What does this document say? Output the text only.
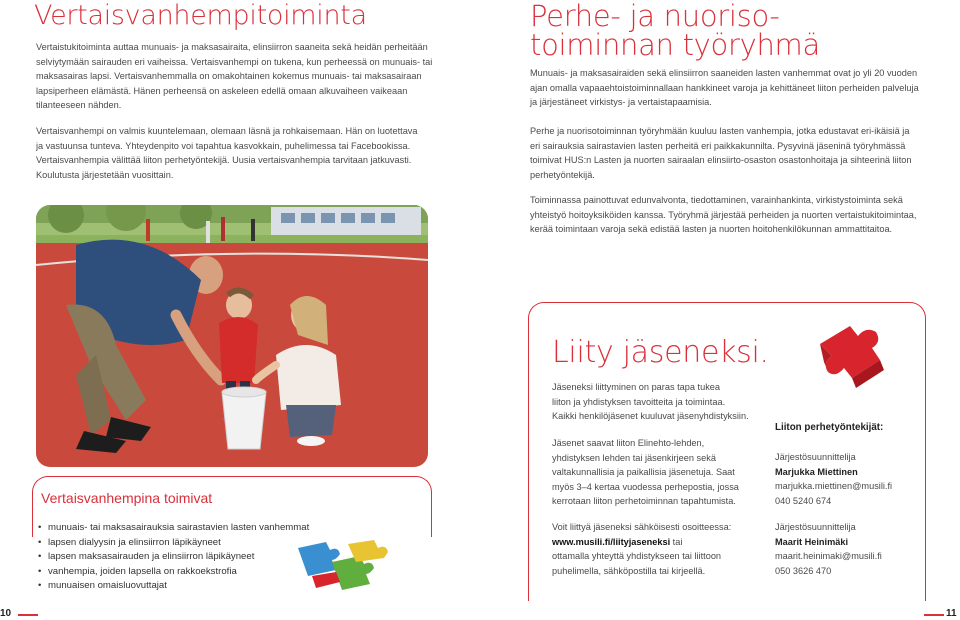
Vertaisvanhempitoiminta

Vertaistukitoiminta auttaa munuais- ja maksasairaita, elinsiirron saaneita sekä heidän perheitään

selviytymään sairauden eri vaiheissa. Vertaisvanhempi on tukena, kun perheessä on munuais- tai

maksasairas lapsi. Vertaisvanhemmalla on omakohtainen kokemus munuais- tai maksasairaan

lapsiperheen elämästä. Hänen perheensä on askeleen edellä omaan alkuvaiheen vaikeaan

tilanteeseen nähden.

Vertaisvanhempi on valmis kuuntelemaan, olemaan läsnä ja rohkaisemaan. Hän on luotettava

ja vastuunsa tunteva. Yhteydenpito voi tapahtua kasvokkain, puhelimessa tai Facebookissa.

Vertaisvanhempia välittää liiton perhetyöntekijä. Uusia vertaisvanhempia tarvitaan jatkuvasti.

Koulutusta järjestetään vuosittain.

Vertaisvanhempina toimivat
• munuais- tai maksasairauksia sairastavien lasten vanhemmat
• lapsen dialyysin ja elinsiirron läpikäyneet
• lapsen maksasairauden ja elinsiirron läpikäyneet
• vanhempia, joiden lapsella on rakkoekstrofia
• munuaisen omaisluovuttajat
10
Perhe- ja nuoriso-
toiminnan työryhmä

Munuais- ja maksasairaiden sekä elinsiirron saaneiden lasten vanhemmat ovat jo yli 20 vuoden

ajan omalla vapaaehtoistoiminnallaan hankkineet varoja ja kehittäneet liiton perheiden palveluja

ja järjestäneet virkistys- ja vertaistapaamisia.

Perhe ja nuorisotoiminnan työryhmään kuuluu lasten vanhempia, jotka edustavat eri-ikäisiä ja

eri sairauksia sairastavien lasten perheitä eri paikkakunnilta. Pysyvinä jäseninä työryhmässä

toimivat HUS:n Lasten ja nuorten sairaalan elinsiirto-osaston osastonhoitaja ja sihteerinä liiton

perhetyöntekijä.

Toiminnassa painottuvat edunvalvonta, tiedottaminen, varainhankinta, virkistystoiminta sekä

yhteistyö hoitoyksiköiden kanssa. Työryhmä järjestää perheiden ja nuorten vertaistukitoimintaa,

kerää toimintaan varoja sekä edistää lasten ja nuorten hoitohenkilökunnan ammattitaitoa.

Liity jäseneksi.

Jäseneksi liittyminen on paras tapa tukea

liiton ja yhdistyksen tavoitteita ja toimintaa.

Kaikki henkilöjäsenet kuuluvat jäsenyhdistyksiin.

Jäsenet saavat liiton Elinehto-lehden,

yhdistyksen lehden tai jäsenkirjeen sekä

valtakunnallisia ja paikallisia jäsenetuja. Saat

myös 3–4 kertaa vuodessa perhepostia, jossa

kerrotaan liiton perhetoiminnan tapahtumista.

Voit liittyä jäseneksi sähköisesti osoitteessa:

www.musili.fi/liityjaseneksi tai

ottamalla yhteyttä yhdistykseen tai liittoon

puhelimella, sähköpostilla tai kirjeellä.

Liiton perhetyöntekijät:

Järjestösuunnittelija

Marjukka Miettinen

marjukka.miettinen@musili.fi

040 5240 674

Järjestösuunnittelija

Maarit Heinimäki

maarit.heinimaki@musili.fi

050 3626 470

11
